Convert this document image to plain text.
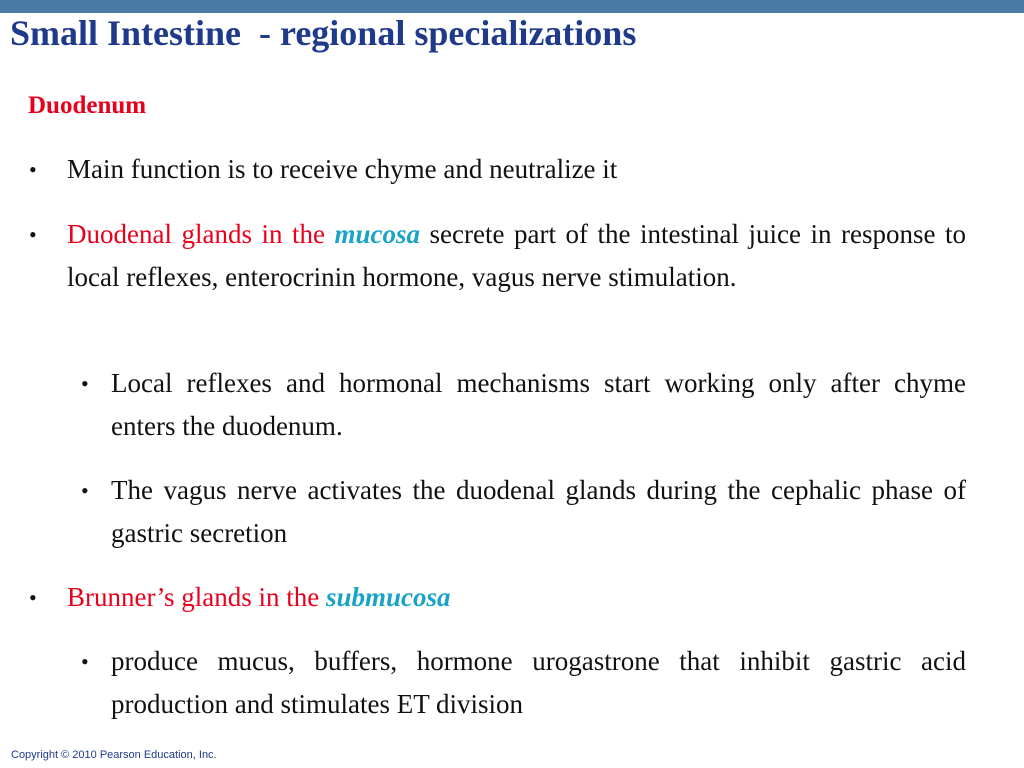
Small Intestine  - regional specializations
Duodenum
• Main function is to receive chyme and neutralize it
• Duodenal glands in the mucosa secrete part of the intestinal juice in response to local reflexes, enterocrinin hormone, vagus nerve stimulation.
• Local reflexes and hormonal mechanisms start working only after chyme enters the duodenum.
• The vagus nerve activates the duodenal glands during the cephalic phase of gastric secretion
• Brunner’s glands in the submucosa
• produce mucus, buffers, hormone urogastrone that inhibit gastric acid production and stimulates ET division
Copyright © 2010 Pearson Education, Inc.
